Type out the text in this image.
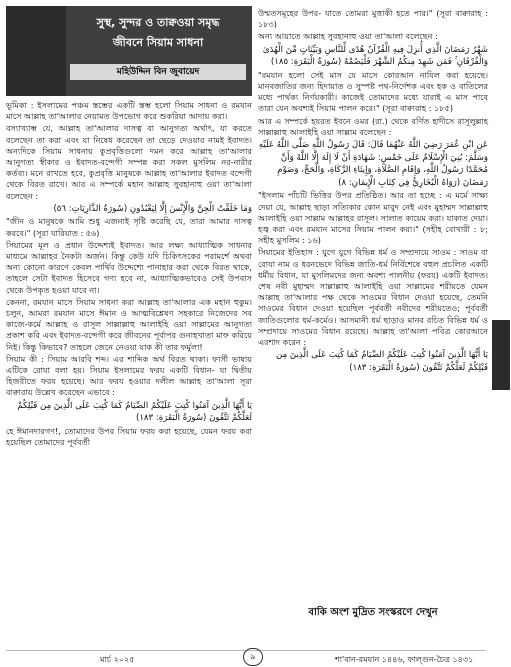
সুস্থ, সুন্দর ও তাক্বওয়া সমৃদ্ধ
জীবনে সিয়াম সাধনা
মহিউদ্দিন বিন জুবায়েদ

ভূমিকা : ইসলামের পঞ্চম স্তম্ভের একটি স্তম্ভ হলো সিয়াম সাধনা ও রমযান মাসে আল্লাহ তা'আলার নেয়ামত উপভোগ করে শুকরিয়া আদায় করা।

বস্যাখ্যাম্ভ যে, আল্লাহ তা'আলার দাসত্ব বা আনুগত্য অর্থাৎ, যা করতে বলেছেন তা করা এবং যা নিষেধ করেছেন তা ছেড়ে দেওয়ার নামই ইবাদত। অন্যদিকে সিয়াম সাধনায় কুপ্রবৃত্তিগুলো দমন করে আল্লাহ তা'আলার আনুগত্য স্বীকার ও ইবাদত-বন্দেগী সম্পন্ন করা সকল মুসলিম নর-নারীর কর্তব্য। মনে রাখতে হবে, কুপ্রবৃত্তি মানুষকে আল্লাহ তা'আলার ইবাদত বন্দেগী থেকে বিরত রাখে। আর এ সম্পর্কে মহান আল্লাহ সুবহানাহু ওয়া তা'আলা বলেছেন :

وَمَا خَلَقْتُ الْجِنَّ وَالْإِنْسَ إِلَّا لِيَعْبُدُونِ (سُورَةُ الذَّارِيَاتِ: ٥٦)

"জীন ও মানুষকে আমি শুধু এজন্যই সৃষ্টি করেছি যে, তারা আমার দাসত্ব করবে।" (সূরা যারিয়াত : ৫৬)

সিয়ামের মূল ও প্রধান উদ্দেশ্যই ইবাদত। আর লক্ষ্য আধ্যাত্মিক সাধনার মাধ্যমে আল্লাহর নৈকট্য অর্জন। কিন্তু কেউ যদি চিকিৎসকের পরামর্শে অথবা অন্য কোনো কারণে কেবল পার্থিব উদ্দেশ্যে পানাহার করা থেকে বিরত থাকে, তাহলে সেটা ইবাদত হিসেবে গণ্য হবে না, আধ্যাত্মিকভাবেও সেই উপবাস থেকে উপকৃত হওয়া যাবে না।

কেননা, রমযান মাসে সিয়াম সাধনা করা আল্লাহ তা'আলার এক মহান হুকুম। চলুন, আমরা রমযান মাসে ঈমান ও আত্মবিশ্লেষণ সহকারে নিজেদের সব কাজে-কর্মে আল্লাহ ও রাসূল সাল্লাল্লাহু আলাইহি ওয়া সাল্লামের আনুগত্য প্রকাশ করি এবং ইবাদত-বন্দেগী করে জীবনের পূর্বাপর গুনাহখাতা মাফ করিয়ে নিই। কিন্তু কিভাবে? তাহলে জেনে নেওয়া যাক কী তার ফর্মুলা!

সিয়াম কী : সিয়াম আরবি শব্দ। এর শাব্দিক অর্থ বিরত থাকা। ফার্সী ভাষায় এটিকে রোযা বলা হয়। সিয়াম ইসলামের ফরয একটি বিধান- যা দ্বিতীয় হিজরীতে ফরয হয়েছে। আর ফরয হওয়ার দলীল আল্লাহ তা'আলা সূরা বাক্বারায় উল্লেখ করেছেন এভাবে :

يَا أَيُّهَا الَّذِينَ آمَنُوا كُتِبَ عَلَيْكُمُ الصِّيَامُ كَمَا كُتِبَ عَلَى الَّذِينَ مِن قَبْلِكُمْ لَعَلَّكُمْ تَتَّقُونَ (سُورَةُ الْبَقَرَةِ: ١٨٣)

হে ঈমানদারগণ!, তোমাদের উপর সিয়াম ফরয করা হয়েছে, যেমন ফরয করা হয়েছিল তোমাদের পূর্ববর্তী

উম্মতসমূহের উপর- যাতে তোমরা মুত্তাকী হতে পার।" (সূরা বাক্বারাহ : ১৮৩)

অন্য আয়াতে আল্লাহ সুবহানাহু ওয়া তা'আলা বলেছেন :

شَهْرُ رَمَضَانَ الَّذِي أُنزِلَ فِيهِ الْقُرْآنُ هُدًى لِّلنَّاسِ وَبَيِّنَاتٍ مِّنَ الْهُدَىٰ وَالْفُرْقَانِ ۚ فَمَن شَهِدَ مِنكُمُ الشَّهْرَ فَلْيَصُمْهُ (سُورَةُ الْبَقَرَةِ: ١٨٥)

"রমযান হলো সেই মাস যে মাসে কোরআন নাযিল করা হয়েছে। মানবজাতির জন্য হিদায়াত ও সুস্পষ্ট পথ-নির্দেশক এবং হক ও বাতিলের মধ্যে পার্থক্য নির্ণয়কারী। কাজেই তোমাদের মধ্যে যারাই এ মাস পাবে তারা যেন অবশ্যই সিয়াম পালন করে।" (সূরা বাক্বারাহ : ১৮৫)

আর এ সম্পর্কে হযরত ইবনে ওমর (রা.) থেকে বর্ণিত হাদীসে রাসূলুল্লাহ সাল্লাল্লাহু আলাইহি ওয়া সাল্লাম বলেছেন :

عَنِ ابْنِ عُمَرَ رَضِيَ اللَّهُ عَنْهُمَا قَالَ: قَالَ رَسُولُ اللَّهِ صَلَّى اللَّهُ عَلَيْهِ وَسَلَّمَ: بُنِيَ الْإِسْلَامُ عَلَى خَمْسٍ: شَهَادَةِ أَنْ لَا إِلَهَ إِلَّا اللَّهُ وَأَنَّ مُحَمَّدًا رَسُولُ اللَّهِ، وَإِقَامِ الصَّلَاةِ، وَإِيتَاءِ الزَّكَاةِ، وَالْحَجِّ، وَصَوْمِ رَمَضَانَ (رَوَاهُ الْبُخَارِيُّ فِي كِتَابِ الْإِيمَانِ: ٨)

"ইসলাম পাঁচটি ভিত্তির উপর প্রতিষ্ঠিত। আর তা হচ্ছে : এ মর্মে সাক্ষ্য দেয়া যে, আল্লাহ ছাড়া সত্যিকার কোন মাবুদ নেই এবং মুহাম্মদ সাল্লাল্লাহু আলাইহি ওয়া সাল্লাম আল্লাহর রাসূল। সালাত কায়েম করা। যাকাত দেয়া। হজ্ব করা এবং রমযান মাসের সিয়াম পালন করা।" (সহীহ বোখারী : ৮; সহীহ মুসলিম : ১৬)

সিয়ামের ইতিহাস : যুগে যুগে বিভিন্ন ধর্ম ও সম্প্রদায়ে সাওম : সাওম বা রোযা নাম ও ধরনভেদে বিভিন্ন জাতি-ধর্ম নির্বিশেষে বহুল প্রচলিত একটি ধর্মীয় বিধান, যা মুসলিমদের জন্য অবশ্য পালনীয় (ফরয) একটি ইবাদত। শেষ নবী মুহাম্মদ সাল্লাল্লাহু আলাইহি ওয়া সাল্লামের শরীয়তে যেমন আল্লাহ তা'আলার পক্ষ থেকে সাওমের বিধান দেওয়া হয়েছে, তেমনি সাওমের বিধান দেওয়া হয়েছিল পূর্ববর্তী নবীদের শরীয়তেও; পূর্ববর্তী জাতিগুলোর ধর্ম-কর্মেও। আসমানী ধর্ম ছাড়াও মানব রচিত বিভিন্ন ধর্ম ও সম্প্রদায়ে সাওমের বিধান রয়েছে। আল্লাহ তা'আলা পবিত্র কোরআনে এরশাদ করেন :

يَا أَيُّهَا الَّذِينَ آمَنُوا كُتِبَ عَلَيْكُمُ الصِّيَامُ كَمَا كُتِبَ عَلَى الَّذِينَ مِن قَبْلِكُمْ لَعَلَّكُمْ تَتَّقُونَ (سُورَةُ الْبَقَرَةِ: ١٨٣)

বাকি অংশ মুদ্রিত সংস্করণে দেখুন
মার্চ ২০২৫	৯	শা'বান-রমযান ১৪৪৬, ফাল্গুন-চৈত্র ১৪৩১
